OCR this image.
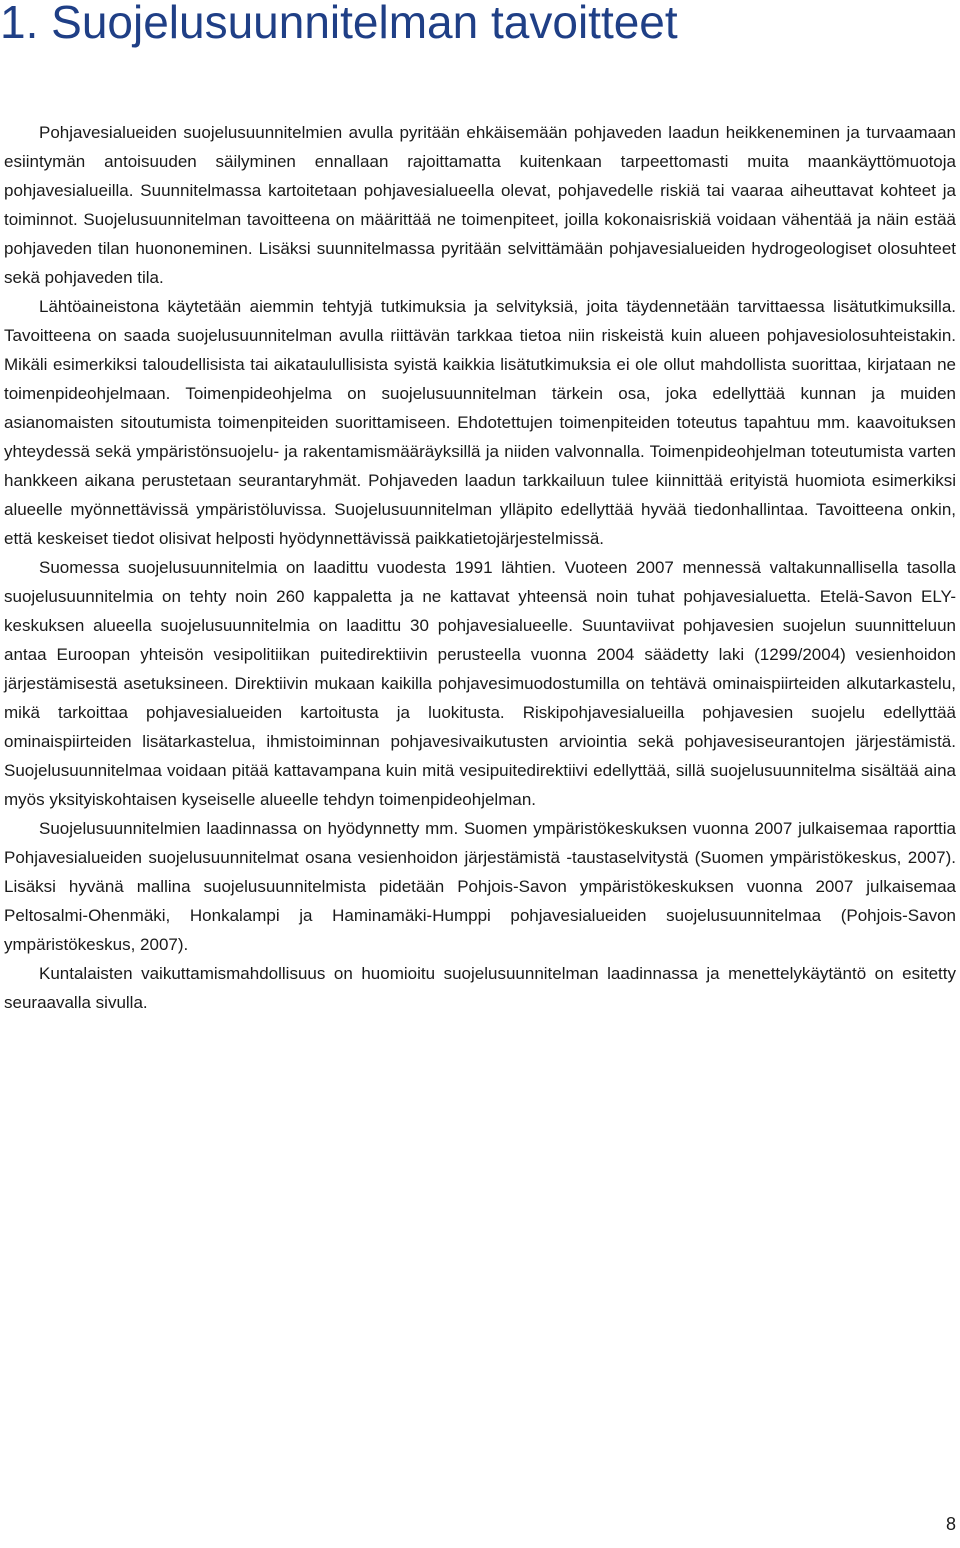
1. Suojelusuunnitelman tavoitteet

Pohjavesialueiden suojelusuunnitelmien avulla pyritään ehkäisemään pohjaveden laadun heikkeneminen ja turvaamaan esiintymän antoisuuden säilyminen ennallaan rajoittamatta kuitenkaan tarpeettomasti muita maankäyttömuotoja pohjavesialueilla. Suunnitelmassa kartoitetaan pohjavesialueella olevat, pohjavedelle riskiä tai vaaraa aiheuttavat kohteet ja toiminnot. Suojelusuunnitelman tavoitteena on määrittää ne toimenpiteet, joilla kokonaisriskiä voidaan vähentää ja näin estää pohjaveden tilan huononeminen. Lisäksi suunnitelmassa pyritään selvittämään pohjavesialueiden hydrogeologiset olosuhteet sekä pohjaveden tila.

Lähtöaineistona käytetään aiemmin tehtyjä tutkimuksia ja selvityksiä, joita täydennetään tarvittaessa lisätutkimuksilla. Tavoitteena on saada suojelusuunnitelman avulla riittävän tarkkaa tietoa niin riskeistä kuin alueen pohjavesiolosuhteistakin. Mikäli esimerkiksi taloudellisista tai aikataulullisista syistä kaikkia lisätutkimuksia ei ole ollut mahdollista suorittaa, kirjataan ne toimenpideohjelmaan. Toimenpideohjelma on suojelusuunnitelman tärkein osa, joka edellyttää kunnan ja muiden asianomaisten sitoutumista toimenpiteiden suorittamiseen. Ehdotettujen toimenpiteiden toteutus tapahtuu mm. kaavoituksen yhteydessä sekä ympäristönsuojelu- ja rakentamismääräyksillä ja niiden valvonnalla. Toimenpideohjelman toteutumista varten hankkeen aikana perustetaan seurantaryhmät. Pohjaveden laadun tarkkailuun tulee kiinnittää erityistä huomiota esimerkiksi alueelle myönnettävissä ympäristöluvissa. Suojelusuunnitelman ylläpito edellyttää hyvää tiedonhallintaa. Tavoitteena onkin, että keskeiset tiedot olisivat helposti hyödynnettävissä paikkatietojärjestelmissä.

Suomessa suojelusuunnitelmia on laadittu vuodesta 1991 lähtien. Vuoteen 2007 mennessä valtakunnallisella tasolla suojelusuunnitelmia on tehty noin 260 kappaletta ja ne kattavat yhteensä noin tuhat pohjavesialuetta. Etelä-Savon ELY-keskuksen alueella suojelusuunnitelmia on laadittu 30 pohjavesialueelle. Suuntaviivat pohjavesien suojelun suunnitteluun antaa Euroopan yhteisön vesipolitiikan puitedirektiivin perusteella vuonna 2004 säädetty laki (1299/2004) vesienhoidon järjestämisestä asetuksineen. Direktiivin mukaan kaikilla pohjavesimuodostumilla on tehtävä ominaispiirteiden alkutarkastelu, mikä tarkoittaa pohjavesialueiden kartoitusta ja luokitusta. Riskipohjavesialueilla pohjavesien suojelu edellyttää ominaispiirteiden lisätarkastelua, ihmistoiminnan pohjavesivaikutusten arviointia sekä pohjavesiseurantojen järjestämistä. Suojelusuunnitelmaa voidaan pitää kattavampana kuin mitä vesipuitedirektiivi edellyttää, sillä suojelusuunnitelma sisältää aina myös yksityiskohtaisen kyseiselle alueelle tehdyn toimenpideohjelman.

Suojelusuunnitelmien laadinnassa on hyödynnetty mm. Suomen ympäristökeskuksen vuonna 2007 julkaisemaa raporttia Pohjavesialueiden suojelusuunnitelmat osana vesienhoidon järjestämistä -taustaselvitystä (Suomen ympäristökeskus, 2007). Lisäksi hyvänä mallina suojelusuunnitelmista pidetään Pohjois-Savon ympäristökeskuksen vuonna 2007 julkaisemaa Peltosalmi-Ohenmäki, Honkalampi ja Haminamäki-Humppi pohjavesialueiden suojelusuunnitelmaa (Pohjois-Savon ympäristökeskus, 2007).

Kuntalaisten vaikuttamismahdollisuus on huomioitu suojelusuunnitelman laadinnassa ja menettelykäytäntö on esitetty seuraavalla sivulla.

8
